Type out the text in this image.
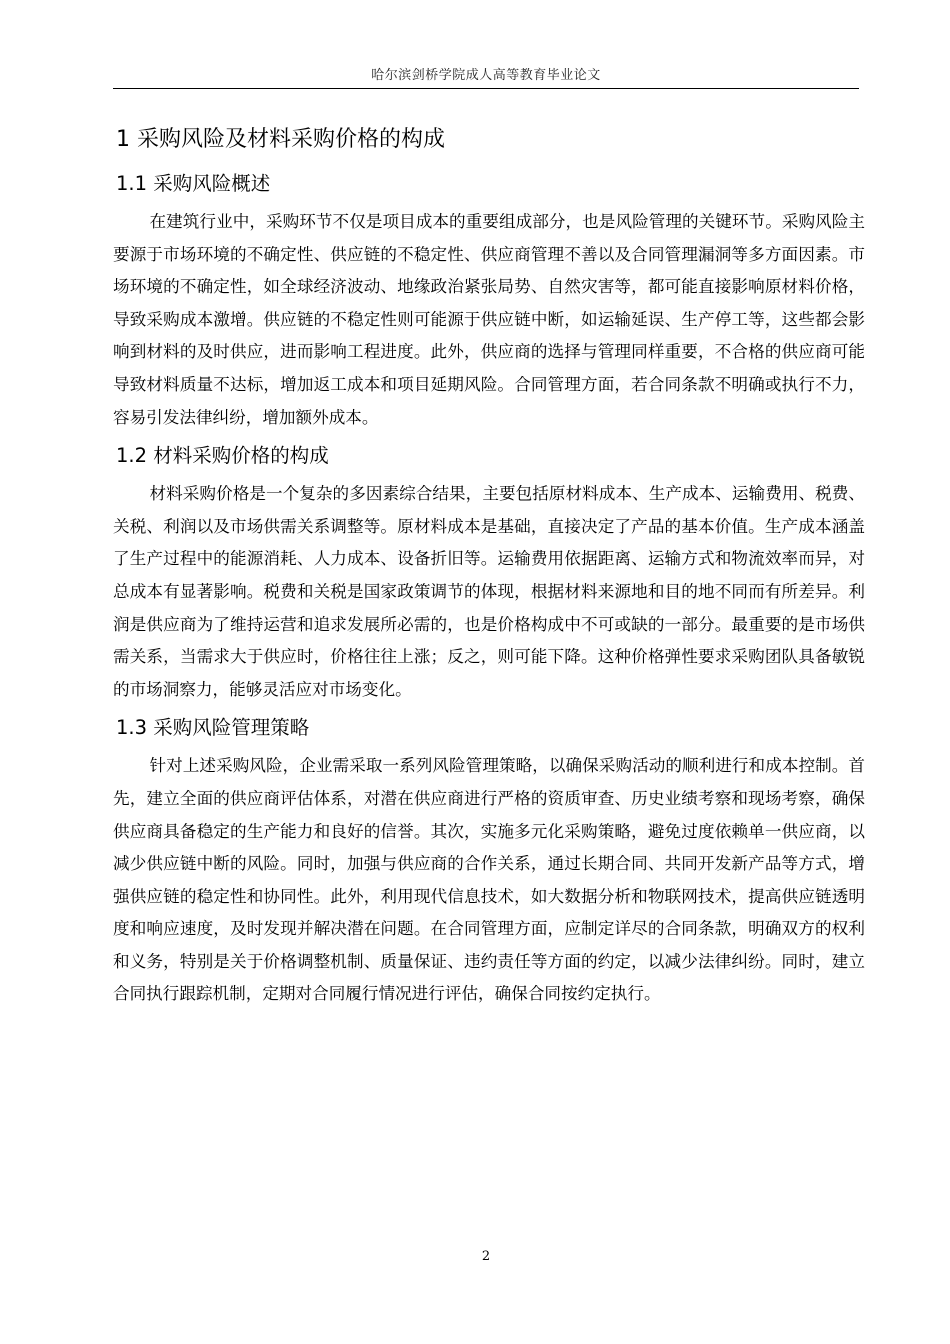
哈尔滨剑桥学院成人高等教育毕业论文
1 采购风险及材料采购价格的构成
1.1 采购风险概述

在建筑行业中，采购环节不仅是项目成本的重要组成部分，也是风险管理的关键环节。采购风险主要源于市场环境的不确定性、供应链的不稳定性、供应商管理不善以及合同管理漏洞等多方面因素。市场环境的不确定性，如全球经济波动、地缘政治紧张局势、自然灾害等，都可能直接影响原材料价格，导致采购成本激增。供应链的不稳定性则可能源于供应链中断，如运输延误、生产停工等，这些都会影响到材料的及时供应，进而影响工程进度。此外，供应商的选择与管理同样重要，不合格的供应商可能导致材料质量不达标，增加返工成本和项目延期风险。合同管理方面，若合同条款不明确或执行不力，容易引发法律纠纷，增加额外成本。

1.2 材料采购价格的构成

材料采购价格是一个复杂的多因素综合结果，主要包括原材料成本、生产成本、运输费用、税费、关税、利润以及市场供需关系调整等。原材料成本是基础，直接决定了产品的基本价值。生产成本涵盖了生产过程中的能源消耗、人力成本、设备折旧等。运输费用依据距离、运输方式和物流效率而异，对总成本有显著影响。税费和关税是国家政策调节的体现，根据材料来源地和目的地不同而有所差异。利润是供应商为了维持运营和追求发展所必需的，也是价格构成中不可或缺的一部分。最重要的是市场供需关系，当需求大于供应时，价格往往上涨；反之，则可能下降。这种价格弹性要求采购团队具备敏锐的市场洞察力，能够灵活应对市场变化。

1.3 采购风险管理策略

针对上述采购风险，企业需采取一系列风险管理策略，以确保采购活动的顺利进行和成本控制。首先，建立全面的供应商评估体系，对潜在供应商进行严格的资质审查、历史业绩考察和现场考察，确保供应商具备稳定的生产能力和良好的信誉。其次，实施多元化采购策略，避免过度依赖单一供应商，以减少供应链中断的风险。同时，加强与供应商的合作关系，通过长期合同、共同开发新产品等方式，增强供应链的稳定性和协同性。此外，利用现代信息技术，如大数据分析和物联网技术，提高供应链透明度和响应速度，及时发现并解决潜在问题。在合同管理方面，应制定详尽的合同条款，明确双方的权利和义务，特别是关于价格调整机制、质量保证、违约责任等方面的约定，以减少法律纠纷。同时，建立合同执行跟踪机制，定期对合同履行情况进行评估，确保合同按约定执行。

2
